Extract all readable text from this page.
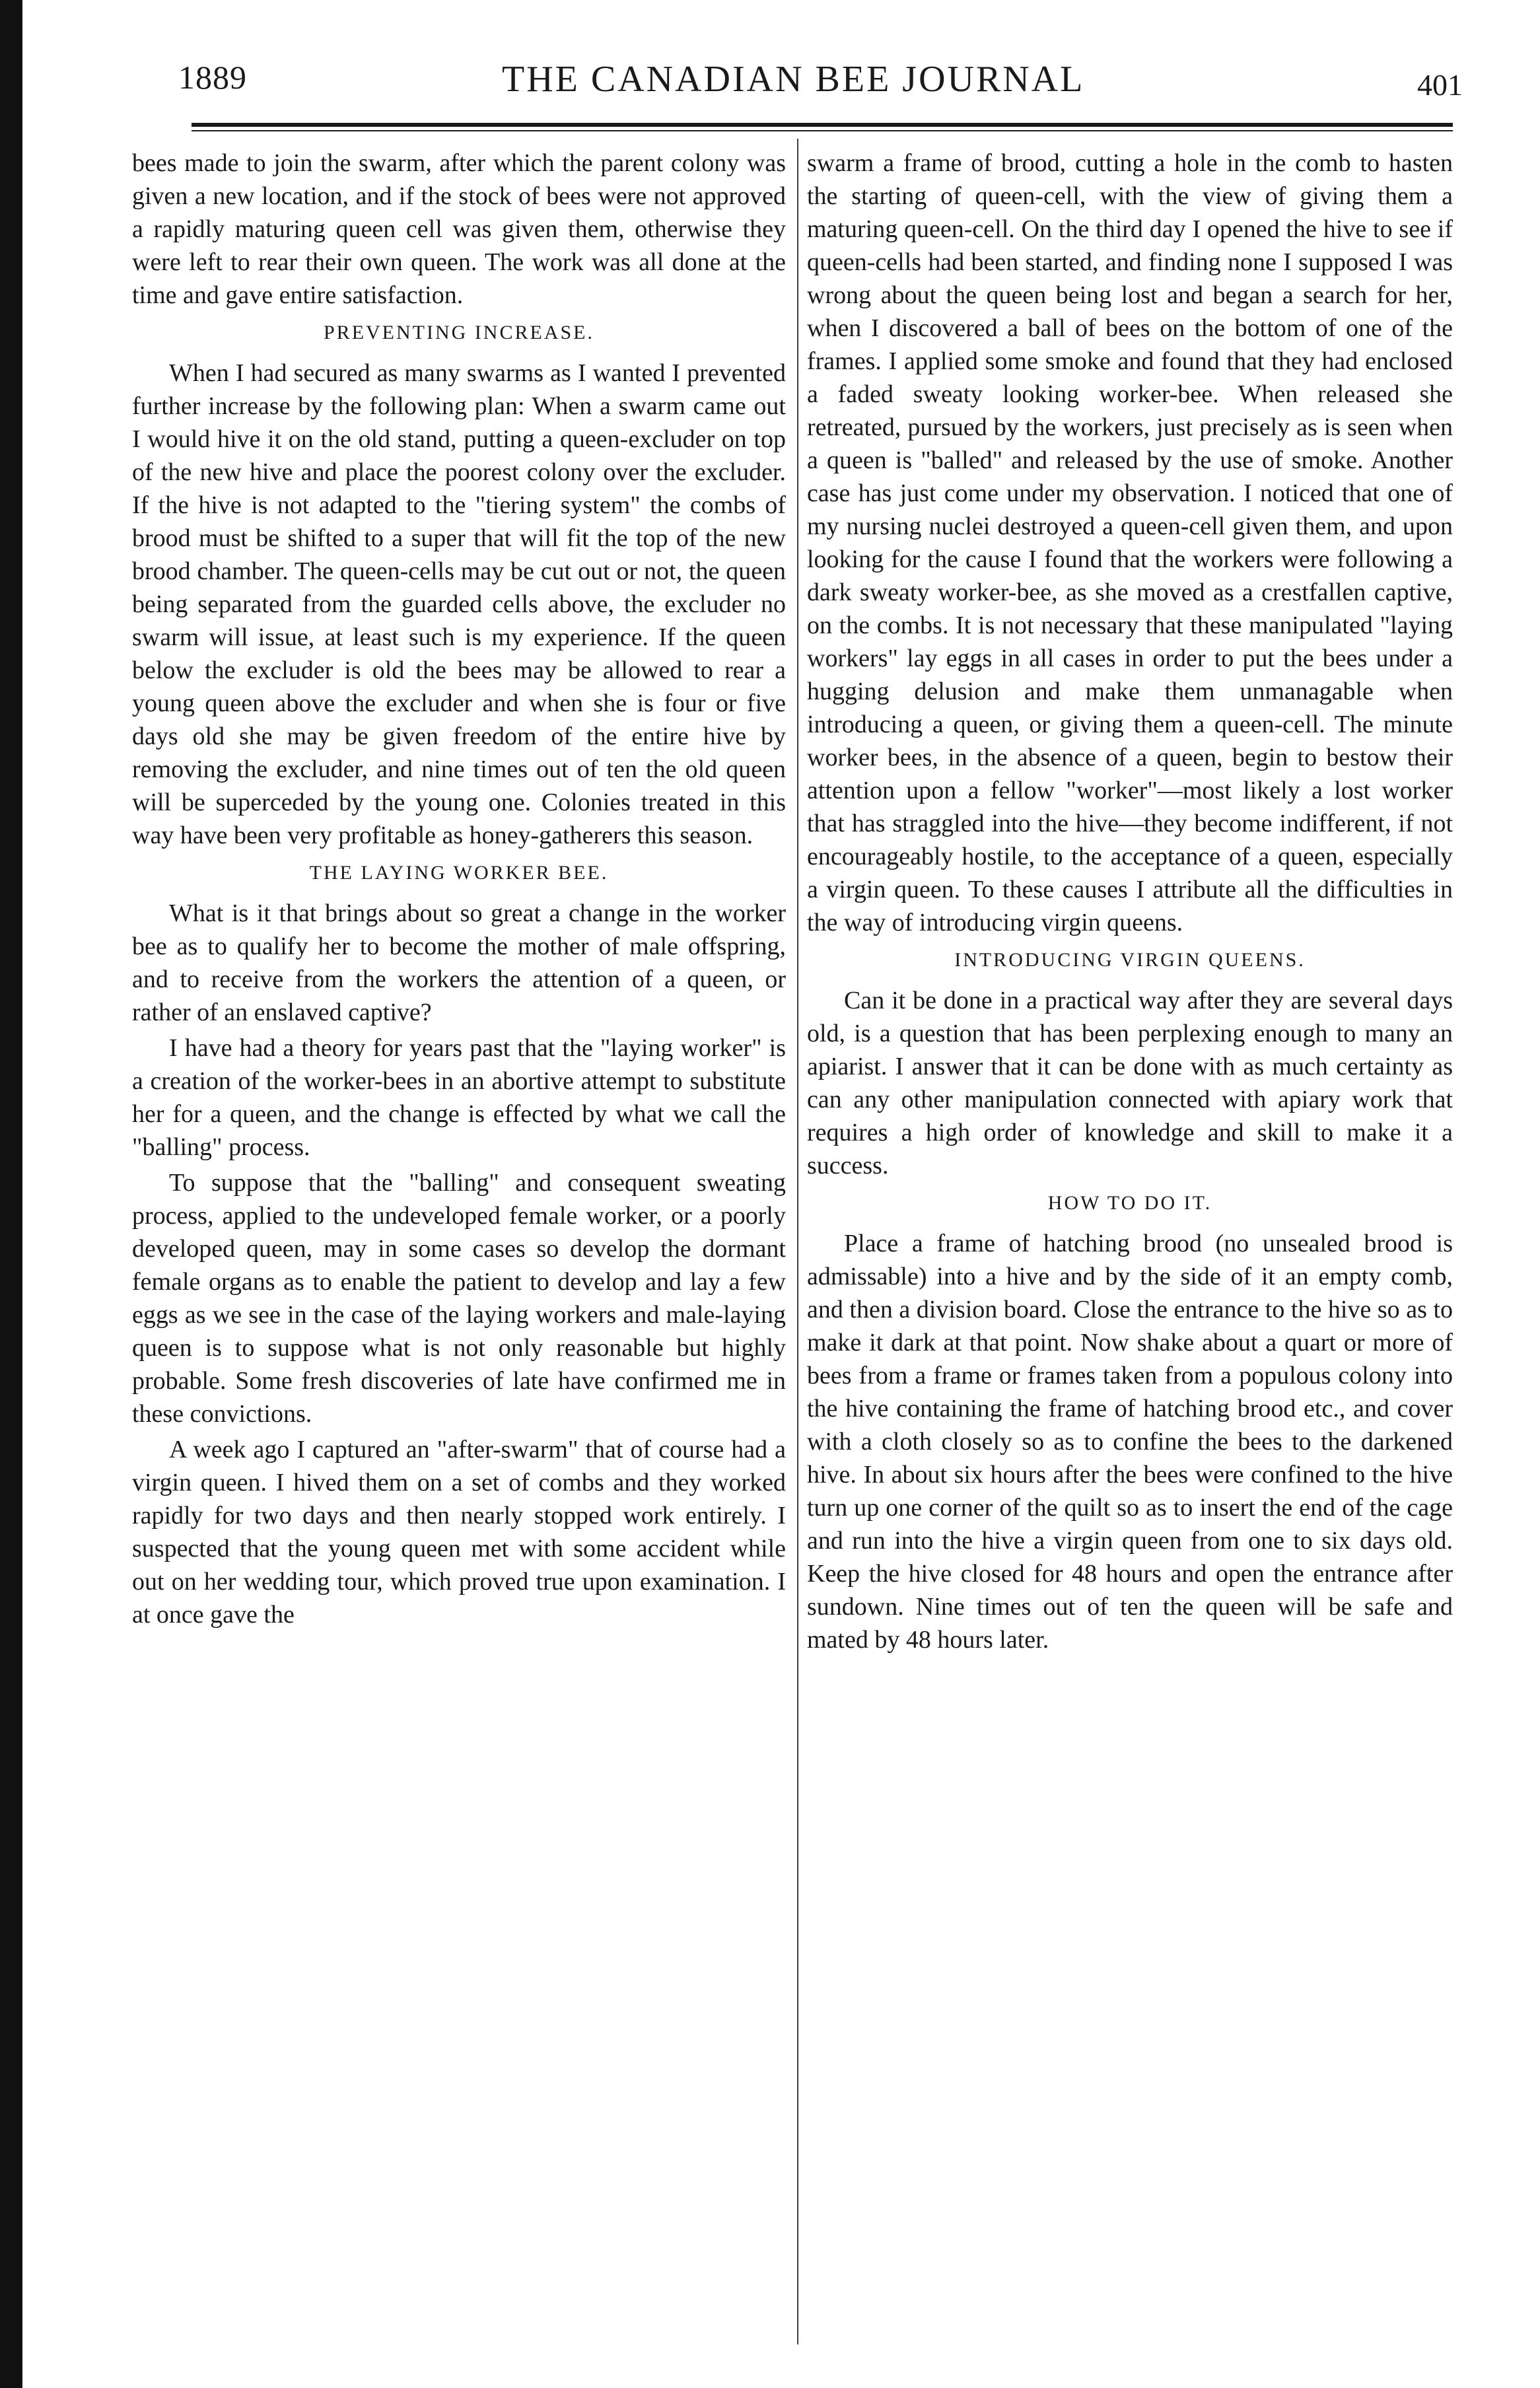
1889	THE CANADIAN BEE JOURNAL	401

bees made to join the swarm, after which the parent colony was given a new location, and if the stock of bees were not approved a rapidly maturing queen cell was given them, otherwise they were left to rear their own queen. The work was all done at the time and gave entire satisfaction.

PREVENTING INCREASE.

When I had secured as many swarms as I wanted I prevented further increase by the following plan: When a swarm came out I would hive it on the old stand, putting a queen-excluder on top of the new hive and place the poorest colony over the excluder. If the hive is not adapted to the "tiering system" the combs of brood must be shifted to a super that will fit the top of the new brood chamber. The queen-cells may be cut out or not, the queen being separated from the guarded cells above, the excluder no swarm will issue, at least such is my experience. If the queen below the excluder is old the bees may be allowed to rear a young queen above the excluder and when she is four or five days old she may be given freedom of the entire hive by removing the excluder, and nine times out of ten the old queen will be superceded by the young one. Colonies treated in this way have been very profitable as honey-gatherers this season.

THE LAYING WORKER BEE.

What is it that brings about so great a change in the worker bee as to qualify her to become the mother of male offspring, and to receive from the workers the attention of a queen, or rather of an enslaved captive?

I have had a theory for years past that the "laying worker" is a creation of the worker-bees in an abortive attempt to substitute her for a queen, and the change is effected by what we call the "balling" process.

To suppose that the "balling" and consequent sweating process, applied to the undeveloped female worker, or a poorly developed queen, may in some cases so develop the dormant female organs as to enable the patient to develop and lay a few eggs as we see in the case of the laying workers and male-laying queen is to suppose what is not only reasonable but highly probable. Some fresh discoveries of late have confirmed me in these convictions.

A week ago I captured an "after-swarm" that of course had a virgin queen. I hived them on a set of combs and they worked rapidly for two days and then nearly stopped work entirely. I suspected that the young queen met with some accident while out on her wedding tour, which proved true upon examination. I at once gave the

swarm a frame of brood, cutting a hole in the comb to hasten the starting of queen-cell, with the view of giving them a maturing queen-cell. On the third day I opened the hive to see if queen-cells had been started, and finding none I supposed I was wrong about the queen being lost and began a search for her, when I discovered a ball of bees on the bottom of one of the frames. I applied some smoke and found that they had enclosed a faded sweaty looking worker-bee. When released she retreated, pursued by the workers, just precisely as is seen when a queen is "balled" and released by the use of smoke. Another case has just come under my observation. I noticed that one of my nursing nuclei destroyed a queen-cell given them, and upon looking for the cause I found that the workers were following a dark sweaty worker-bee, as she moved as a crestfallen captive, on the combs. It is not necessary that these manipulated "laying workers" lay eggs in all cases in order to put the bees under a hugging delusion and make them unmanagable when introducing a queen, or giving them a queen-cell. The minute worker bees, in the absence of a queen, begin to bestow their attention upon a fellow "worker"—most likely a lost worker that has straggled into the hive—they become indifferent, if not encourageably hostile, to the acceptance of a queen, especially a virgin queen. To these causes I attribute all the difficulties in the way of introducing virgin queens.

INTRODUCING VIRGIN QUEENS.

Can it be done in a practical way after they are several days old, is a question that has been perplexing enough to many an apiarist. I answer that it can be done with as much certainty as can any other manipulation connected with apiary work that requires a high order of knowledge and skill to make it a success.

HOW TO DO IT.

Place a frame of hatching brood (no unsealed brood is admissable) into a hive and by the side of it an empty comb, and then a division board. Close the entrance to the hive so as to make it dark at that point. Now shake about a quart or more of bees from a frame or frames taken from a populous colony into the hive containing the frame of hatching brood etc., and cover with a cloth closely so as to confine the bees to the darkened hive. In about six hours after the bees were confined to the hive turn up one corner of the quilt so as to insert the end of the cage and run into the hive a virgin queen from one to six days old. Keep the hive closed for 48 hours and open the entrance after sundown. Nine times out of ten the queen will be safe and mated by 48 hours later.
